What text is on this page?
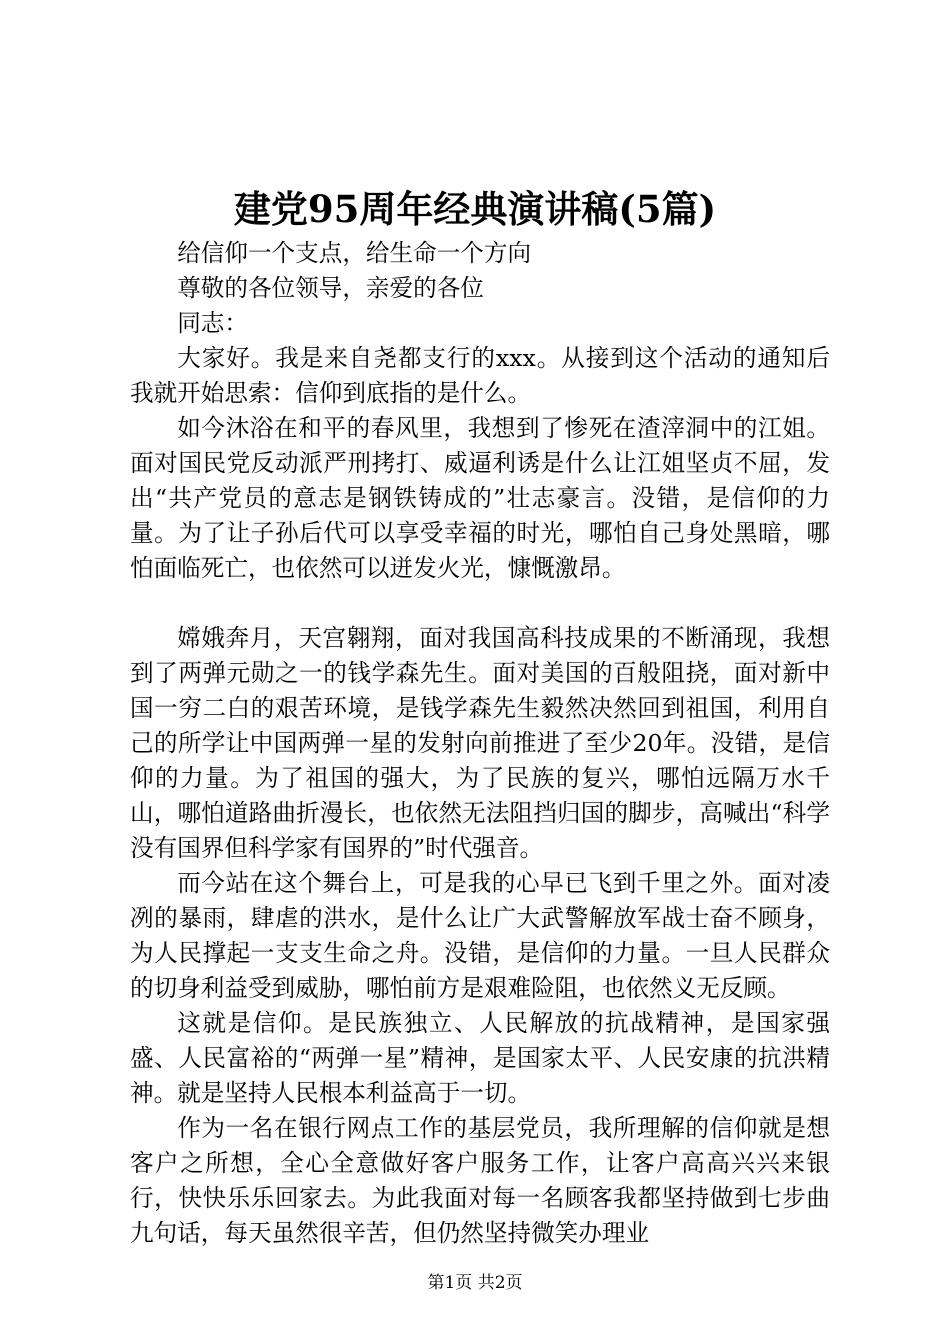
建党95周年经典演讲稿(5篇)

给信仰一个支点，给生命一个方向

尊敬的各位领导，亲爱的各位

同志：

大家好。我是来自尧都支行的xxx。从接到这个活动的通知后我就开始思索：信仰到底指的是什么。

如今沐浴在和平的春风里，我想到了惨死在渣滓洞中的江姐。面对国民党反动派严刑拷打、威逼利诱是什么让江姐坚贞不屈，发出“共产党员的意志是钢铁铸成的”壮志豪言。没错，是信仰的力量。为了让子孙后代可以享受幸福的时光，哪怕自己身处黑暗，哪怕面临死亡，也依然可以迸发火光，慷慨激昂。

嫦娥奔月，天宫翱翔，面对我国高科技成果的不断涌现，我想到了两弹元勋之一的钱学森先生。面对美国的百般阻挠，面对新中国一穷二白的艰苦环境，是钱学森先生毅然决然回到祖国，利用自己的所学让中国两弹一星的发射向前推进了至少20年。没错，是信仰的力量。为了祖国的强大，为了民族的复兴，哪怕远隔万水千山，哪怕道路曲折漫长，也依然无法阻挡归国的脚步，高喊出“科学没有国界但科学家有国界的”时代强音。

而今站在这个舞台上，可是我的心早已飞到千里之外。面对凌冽的暴雨，肆虐的洪水，是什么让广大武警解放军战士奋不顾身，为人民撑起一支支生命之舟。没错，是信仰的力量。一旦人民群众的切身利益受到威胁，哪怕前方是艰难险阻，也依然义无反顾。

这就是信仰。是民族独立、人民解放的抗战精神，是国家强盛、人民富裕的“两弹一星”精神，是国家太平、人民安康的抗洪精神。就是坚持人民根本利益高于一切。

作为一名在银行网点工作的基层党员，我所理解的信仰就是想客户之所想，全心全意做好客户服务工作，让客户高高兴兴来银行，快快乐乐回家去。为此我面对每一名顾客我都坚持做到七步曲九句话，每天虽然很辛苦，但仍然坚持微笑办理业

第1页 共2页
